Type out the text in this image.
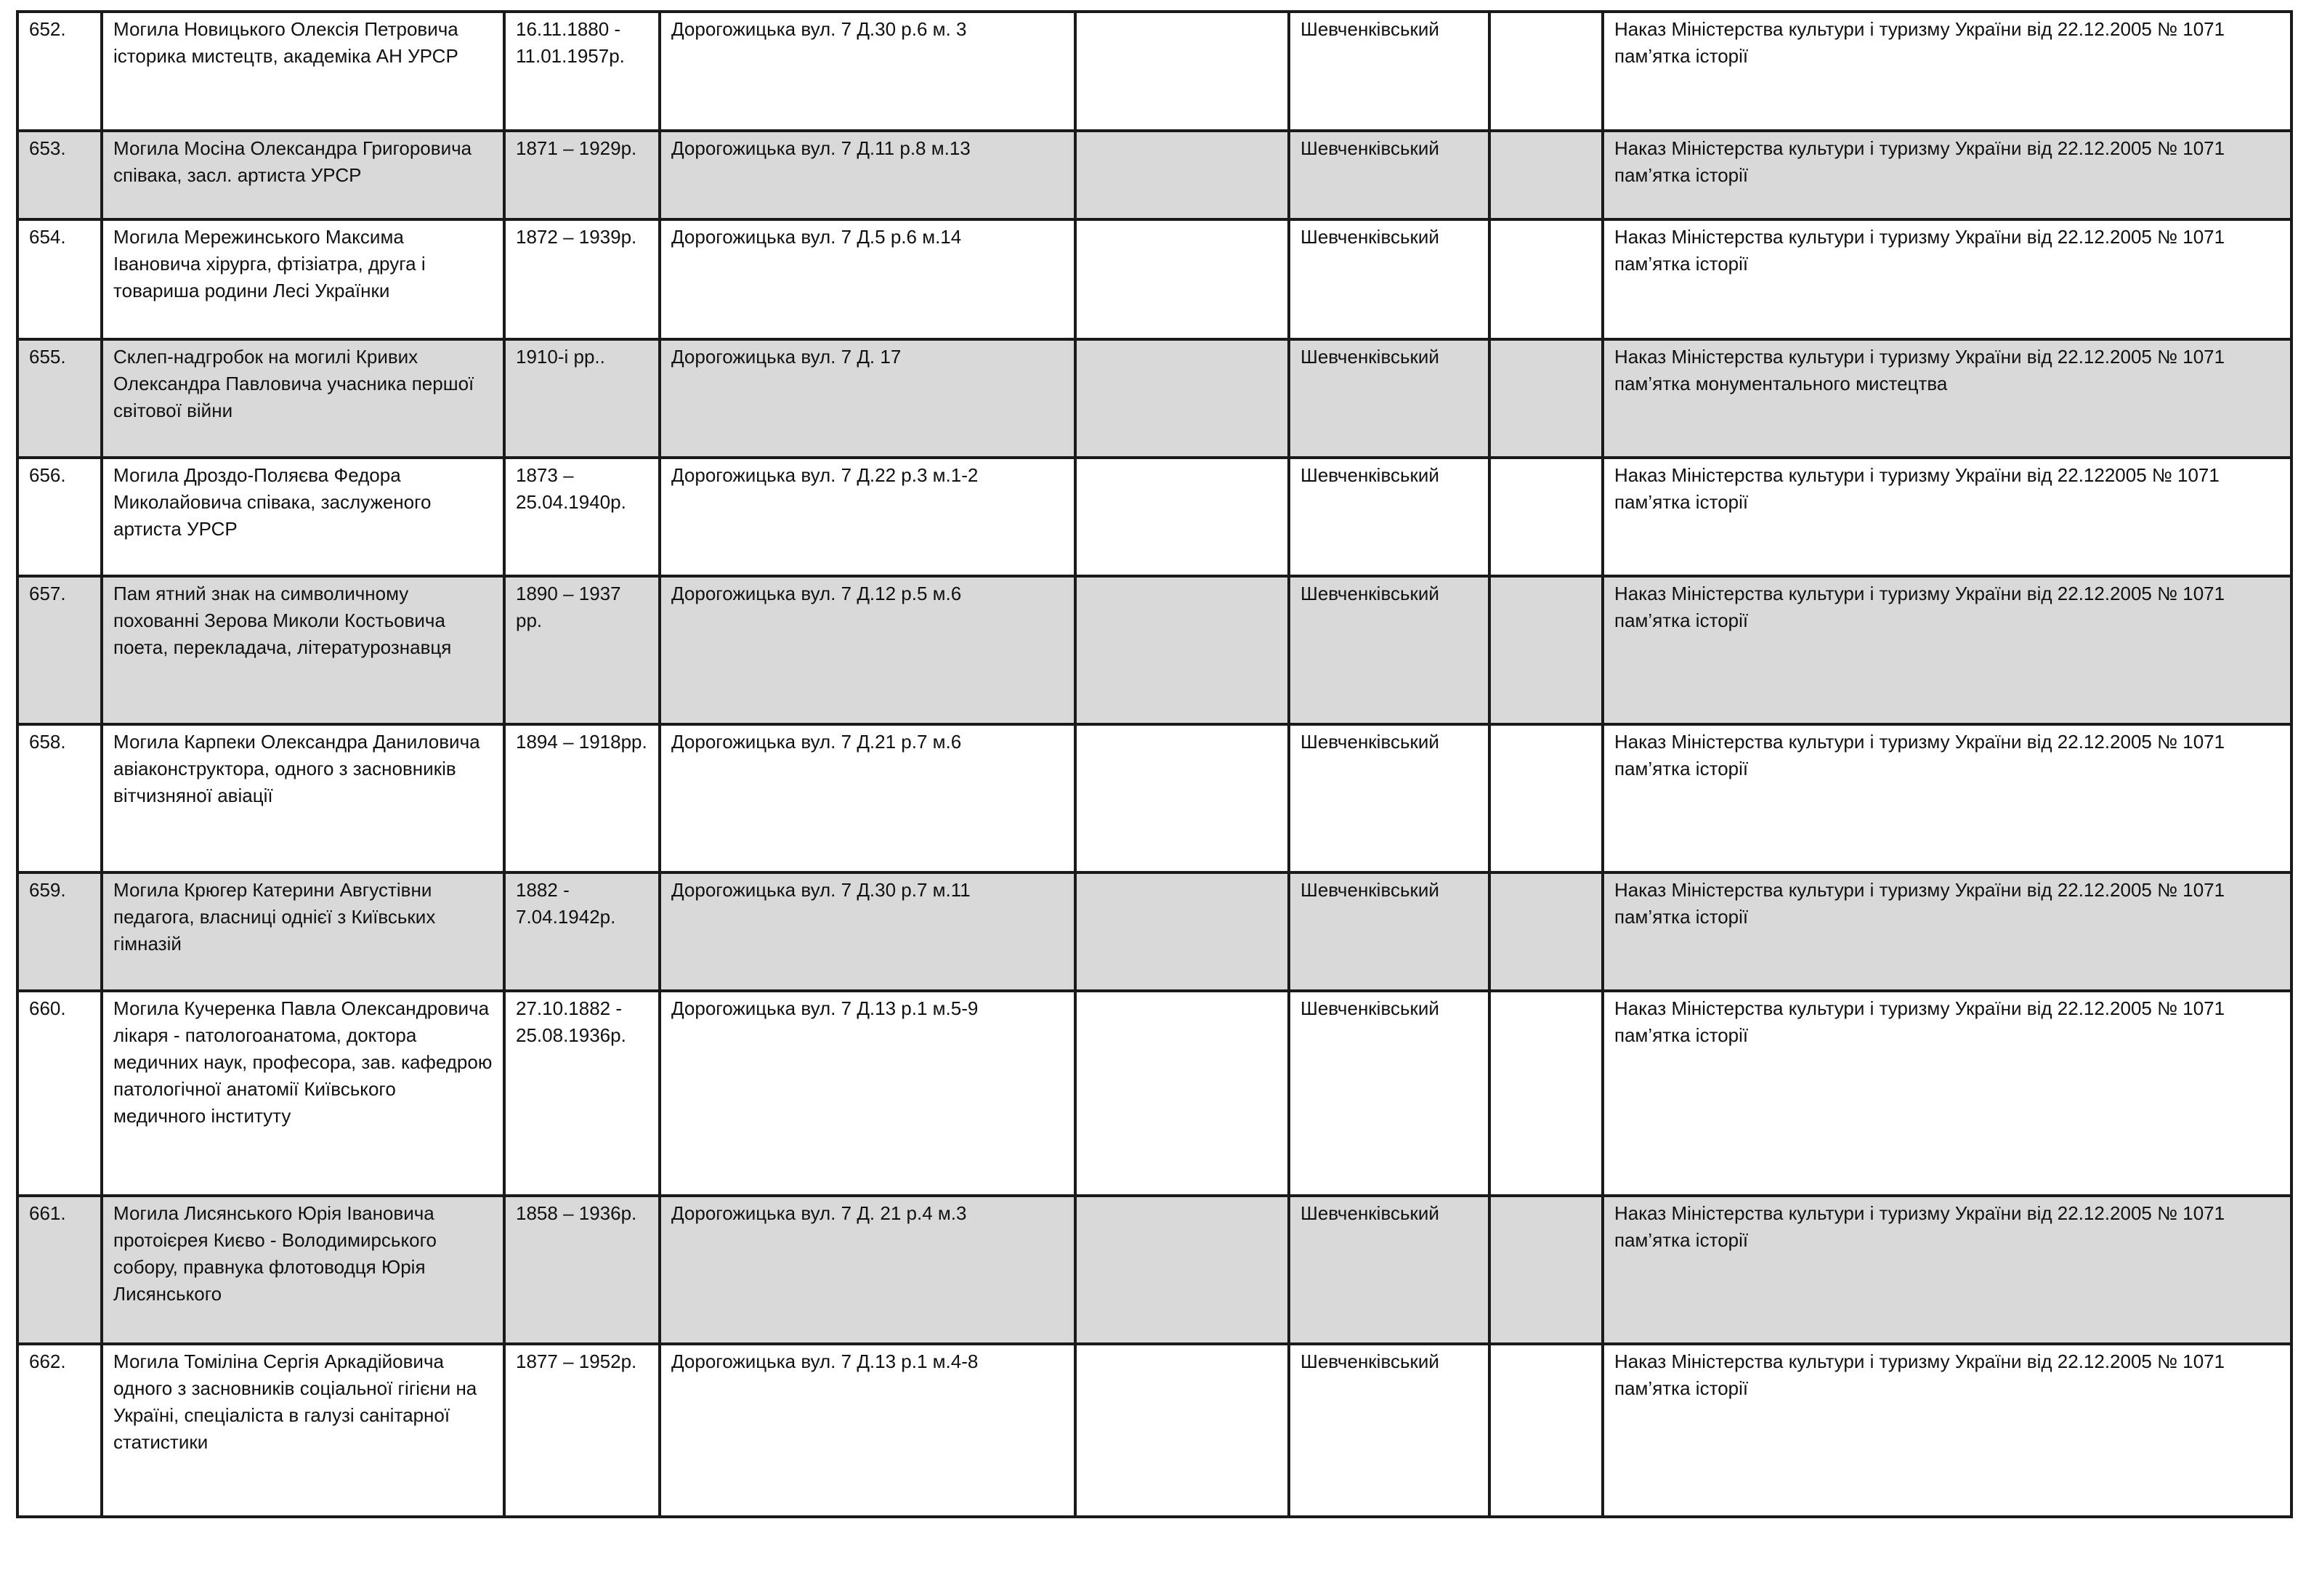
652.	Могила Новицького Олексія Петровича історика мистецтв, академіка АН УРСР	16.11.1880 - 11.01.1957р.	Дорогожицька вул. 7 Д.30 р.6 м. 3		Шевченківський		Наказ Міністерства культури і туризму України від 22.12.2005 № 1071 пам’ятка історії
653.	Могила Мосіна Олександра Григоровича співака, засл. артиста УРСР	1871 – 1929р.	Дорогожицька вул. 7 Д.11 р.8 м.13		Шевченківський		Наказ Міністерства культури і туризму України від 22.12.2005 № 1071 пам’ятка історії
654.	Могила Мережинського Максима Івановича хірурга, фтізіатра, друга і товариша родини Лесі Українки	1872 – 1939р.	Дорогожицька вул. 7 Д.5 р.6 м.14		Шевченківський		Наказ Міністерства культури і туризму України від 22.12.2005 № 1071 пам’ятка історії
655.	Склеп-надгробок на могилі Кривих Олександра Павловича учасника першої світової війни	1910-і рр..	Дорогожицька вул. 7 Д. 17		Шевченківський		Наказ Міністерства культури і туризму України від 22.12.2005 № 1071 пам’ятка монументального мистецтва
656.	Могила Дроздо-Поляєва Федора Миколайовича співака, заслуженого артиста УРСР	1873 – 25.04.1940р.	Дорогожицька вул. 7 Д.22 р.3 м.1-2		Шевченківський		Наказ Міністерства культури і туризму України від 22.122005 № 1071 пам’ятка історії
657.	Пам ятний знак на символичному похованні Зерова Миколи Костьовича поета, перекладача, літературознавця	1890 – 1937 рр.	Дорогожицька вул. 7 Д.12 р.5 м.6		Шевченківський		Наказ Міністерства культури і туризму України від 22.12.2005 № 1071 пам’ятка історії
658.	Могила Карпеки Олександра Даниловича авіаконструктора, одного з засновників вітчизняної авіації	1894 – 1918рр.	Дорогожицька вул. 7 Д.21 р.7 м.6		Шевченківський		Наказ Міністерства культури і туризму України від 22.12.2005 № 1071 пам’ятка історії
659.	Могила Крюгер Катерини Августівни педагога, власниці однієї з Київських гімназій	1882 - 7.04.1942р.	Дорогожицька вул. 7 Д.30 р.7 м.11		Шевченківський		Наказ Міністерства культури і туризму України від 22.12.2005 № 1071 пам’ятка історії
660.	Могила Кучеренка Павла Олександровича лікаря - патологоанатома, доктора медичних наук, професора, зав. кафедрою патологічної анатомії Київського медичного інституту	27.10.1882 - 25.08.1936р.	Дорогожицька вул. 7 Д.13 р.1 м.5-9		Шевченківський		Наказ Міністерства культури і туризму України від 22.12.2005 № 1071 пам’ятка історії
661.	Могила Лисянського Юрія Івановича протоієрея Києво - Володимирського собору, правнука флотоводця Юрія Лисянського	1858 – 1936р.	Дорогожицька вул. 7 Д. 21 р.4 м.3		Шевченківський		Наказ Міністерства культури і туризму України від 22.12.2005 № 1071 пам’ятка історії
662.	Могила Томіліна Сергія Аркадійовича одного з засновників соціальної гігієни на Україні, спеціаліста в галузі санітарної статистики	1877 – 1952р.	Дорогожицька вул. 7 Д.13 р.1 м.4-8		Шевченківський		Наказ Міністерства культури і туризму України від 22.12.2005 № 1071 пам’ятка історії
